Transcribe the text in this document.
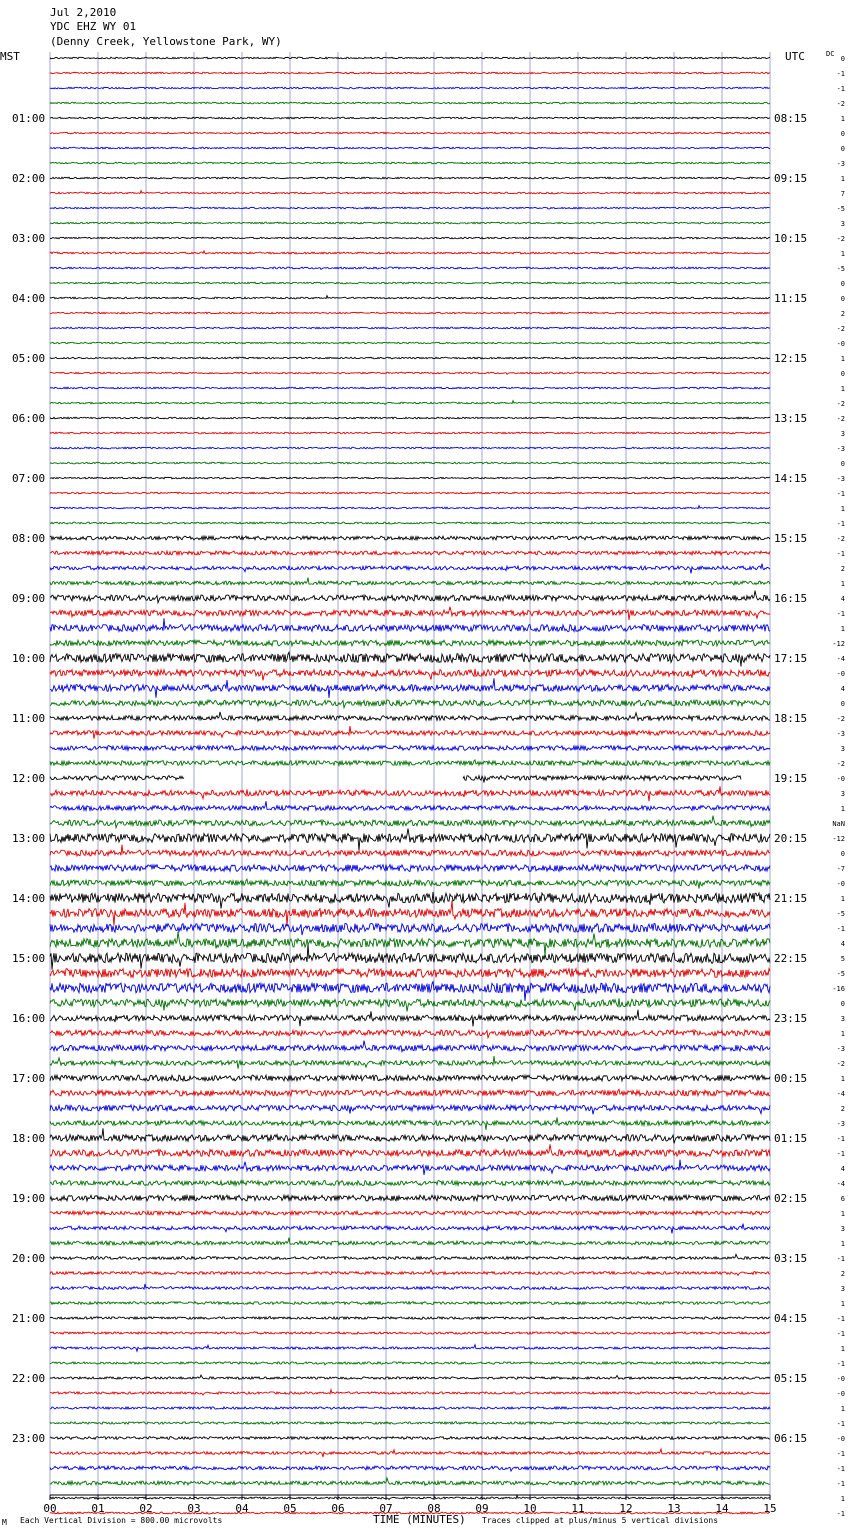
Jul 2,2010
YDC EHZ WY 01
(Denny Creek, Yellowstone Park, WY)
MST	UTC	DC
01:00
02:00
03:00
04:00
05:00
06:00
07:00
08:00
09:00
10:00
11:00
12:00
13:00
14:00
15:00
16:00
17:00
18:00
19:00
20:00
21:00
22:00
23:00
08:15
09:15
10:15
11:15
12:15
13:15
14:15
15:15
16:15
17:15
18:15
19:15
20:15
21:15
22:15
23:15
00:15
01:15
02:15
03:15
04:15
05:15
06:15
0
-1
-1
-2
1
0
0
-3
1
7
-5
3
-2
1
-5
0
0
2
-2
-0
1
0
1
-2
-2
3
-3
0
-3
-1
1
-1
-2
-1
2
1
4
-1
1
-12
-4
-0
4
0
-2
-3
3
-2
-0
3
1
NaN
-12
0
-7
-0
1
-5
-1
4
5
-5
-16
0
3
1
-3
-2
1
-4
2
-3
-1
-1
4
-4
6
1
3
1
-1
2
3
1
-1
-1
1
-1
-0
-0
1
-1
-0
-1
-1
-1
1
-1
00	01	02	03	04	05	06	07	08	09	10	11	12	13	14	15
M Each Vertical Division = 800.00 microvolts	TIME (MINUTES) Traces clipped at plus/minus 5 vertical divisions
